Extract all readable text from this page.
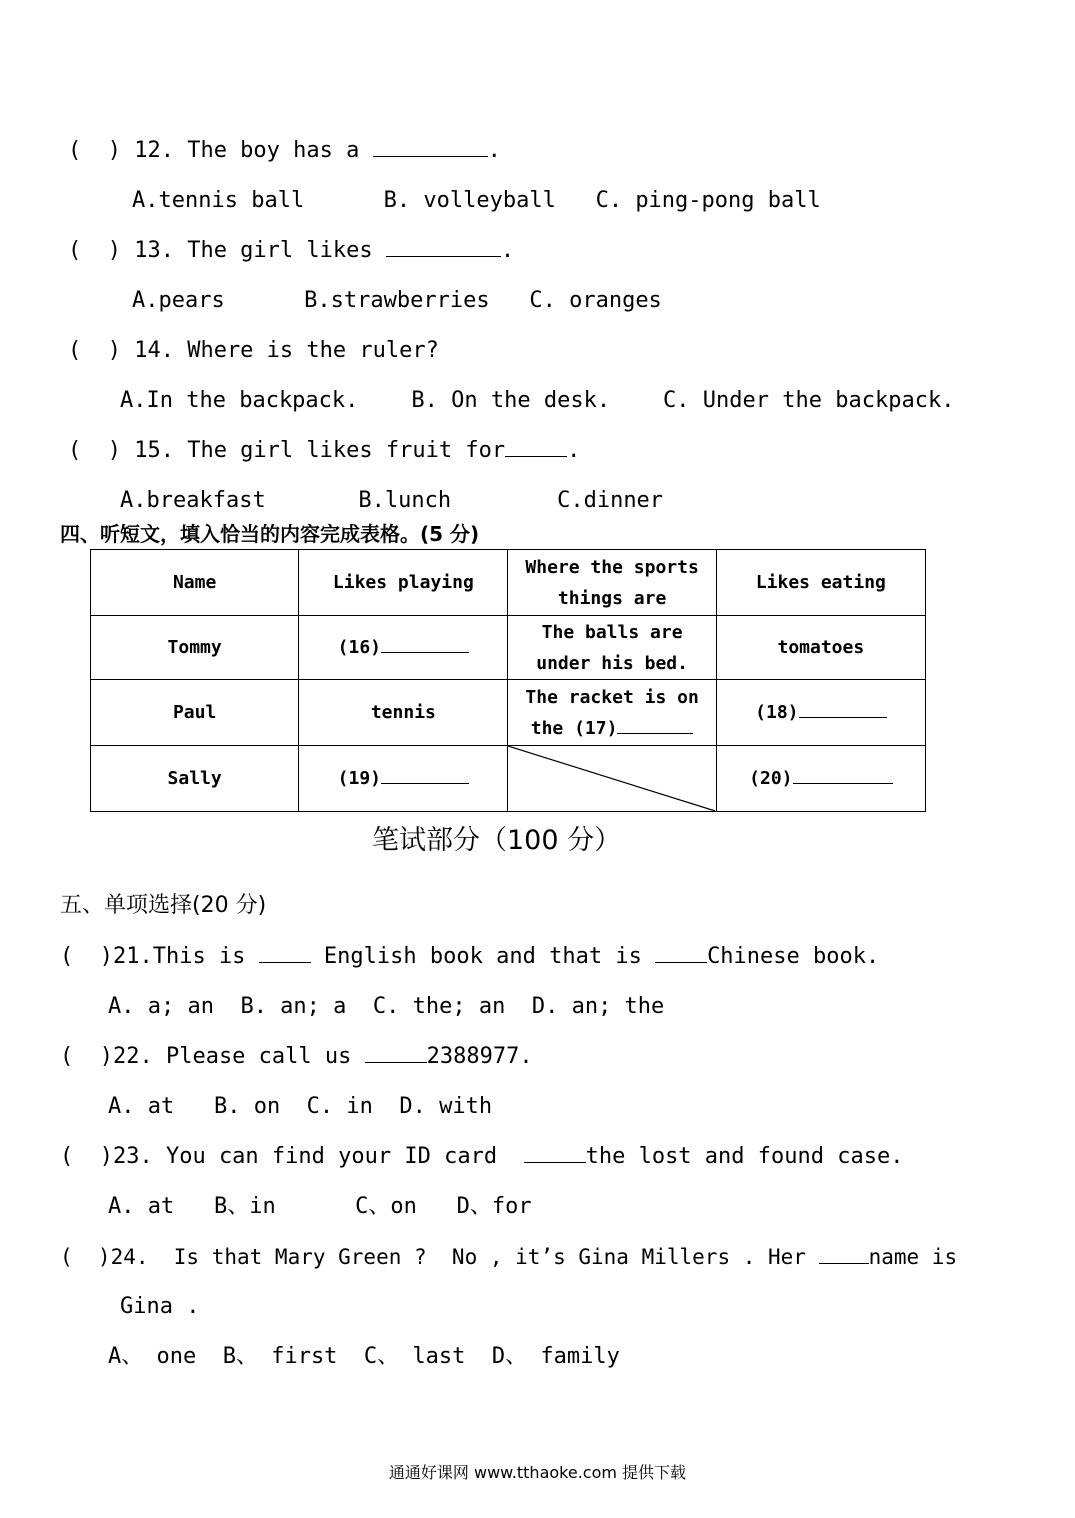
(  ) 12. The boy has a	.
A.tennis ball      B. volleyball   C. ping-pong ball
(  ) 13. The girl likes	.
A.pears      B.strawberries   C. oranges
(  ) 14. Where is the ruler?
A.In the backpack.    B. On the desk.    C. Under the backpack.
(  ) 15. The girl likes fruit for	.
A.breakfast       B.lunch        C.dinner
四、听短文，填入恰当的内容完成表格。(5 分)
Name	Likes playing	Where the sports things are	Likes eating
Tommy	(16)	The balls are under his bed.	tomatoes
Paul	tennis	The racket is on the (17)	(18)
Sally	(19)		(20)
笔试部分（100 分）
五、单项选择(20 分)
(  )21.This is  English book and that is Chinese book.
A. a; an  B. an; a  C. the; an  D. an; the
(  )22. Please call us	2388977.
A. at   B. on  C. in  D. with
(  )23. You can find your ID card	the lost and found case.
A. at   B、in      C、on   D、for
(  )24.  Is that Mary Green ?  No , it’s Gina Millers . Her name is
Gina .
A、 one  B、 first  C、 last  D、 family
通通好课网 www.tthaoke.com 提供下载
